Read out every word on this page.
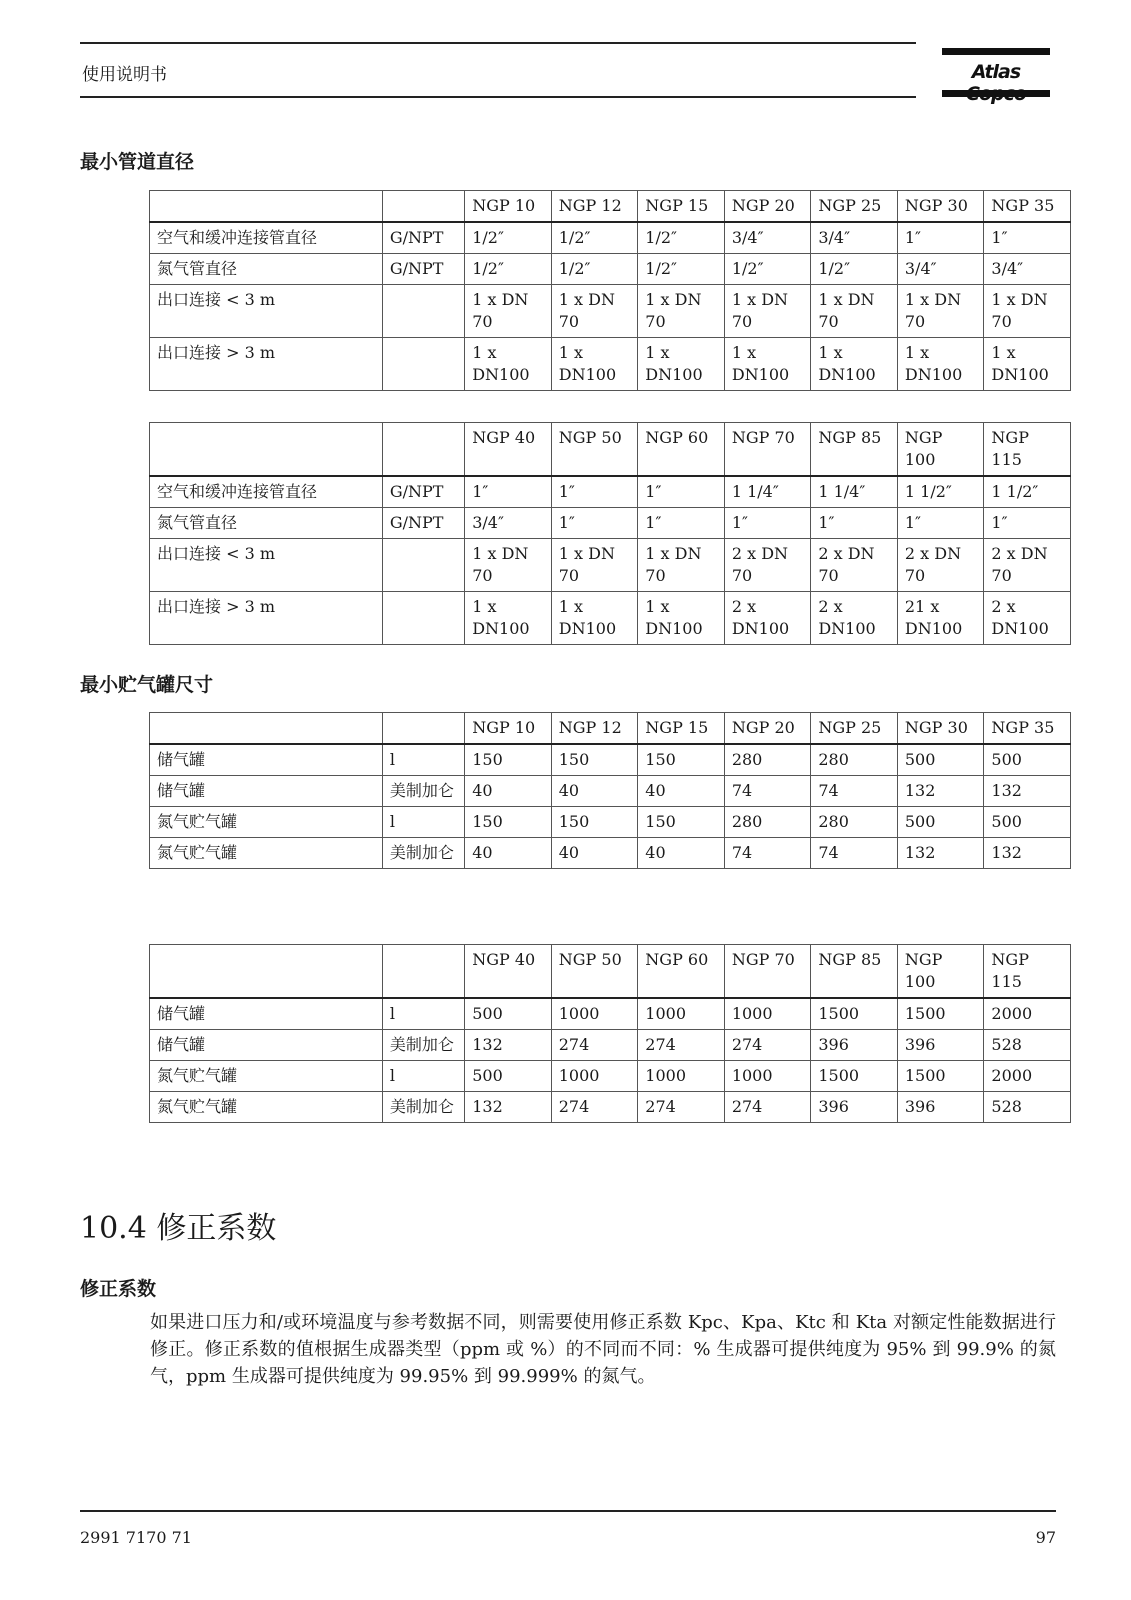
使用说明书	Atlas
最小管道直径
		NGP 10	NGP 12	NGP 15	NGP 20	NGP 25	NGP 30	NGP 35
空气和缓冲连接管直径	G/NPT	1/2″	1/2″	1/2″	3/4″	3/4″	1″	1″
氮气管直径	G/NPT	1/2″	1/2″	1/2″	1/2″	1/2″	3/4″	3/4″
出口连接 < 3 m		1 x DN 70	1 x DN 70	1 x DN 70	1 x DN 70	1 x DN 70	1 x DN 70	1 x DN 70
出口连接 > 3 m		1 x DN100	1 x DN100	1 x DN100	1 x DN100	1 x DN100	1 x DN100	1 x DN100
		NGP 40	NGP 50	NGP 60	NGP 70	NGP 85	NGP 100	NGP 115
空气和缓冲连接管直径	G/NPT	1″	1″	1″	1 1/4″	1 1/4″	1 1/2″	1 1/2″
氮气管直径	G/NPT	3/4″	1″	1″	1″	1″	1″	1″
出口连接 < 3 m		1 x DN 70	1 x DN 70	1 x DN 70	2 x DN 70	2 x DN 70	2 x DN 70	2 x DN 70
出口连接 > 3 m		1 x DN100	1 x DN100	1 x DN100	2 x DN100	2 x DN100	21 x DN100	2 x DN100
最小贮气罐尺寸
		NGP 10	NGP 12	NGP 15	NGP 20	NGP 25	NGP 30	NGP 35
储气罐	l	150	150	150	280	280	500	500
储气罐	美制加仑	40	40	40	74	74	132	132
氮气贮气罐	l	150	150	150	280	280	500	500
氮气贮气罐	美制加仑	40	40	40	74	74	132	132
		NGP 40	NGP 50	NGP 60	NGP 70	NGP 85	NGP 100	NGP 115
储气罐	l	500	1000	1000	1000	1500	1500	2000
储气罐	美制加仑	132	274	274	274	396	396	528
氮气贮气罐	l	500	1000	1000	1000	1500	1500	2000
氮气贮气罐	美制加仑	132	274	274	274	396	396	528
10.4 修正系数
修正系数
如果进口压力和/或环境温度与参考数据不同，则需要使用修正系数 Kpc、Kpa、Ktc 和 Kta 对额定性能数据进行修正。修正系数的值根据生成器类型（ppm 或 %）的不同而不同：% 生成器可提供纯度为 95% 到 99.9% 的氮气，ppm 生成器可提供纯度为 99.95% 到 99.999% 的氮气。
2991 7170 71	97
